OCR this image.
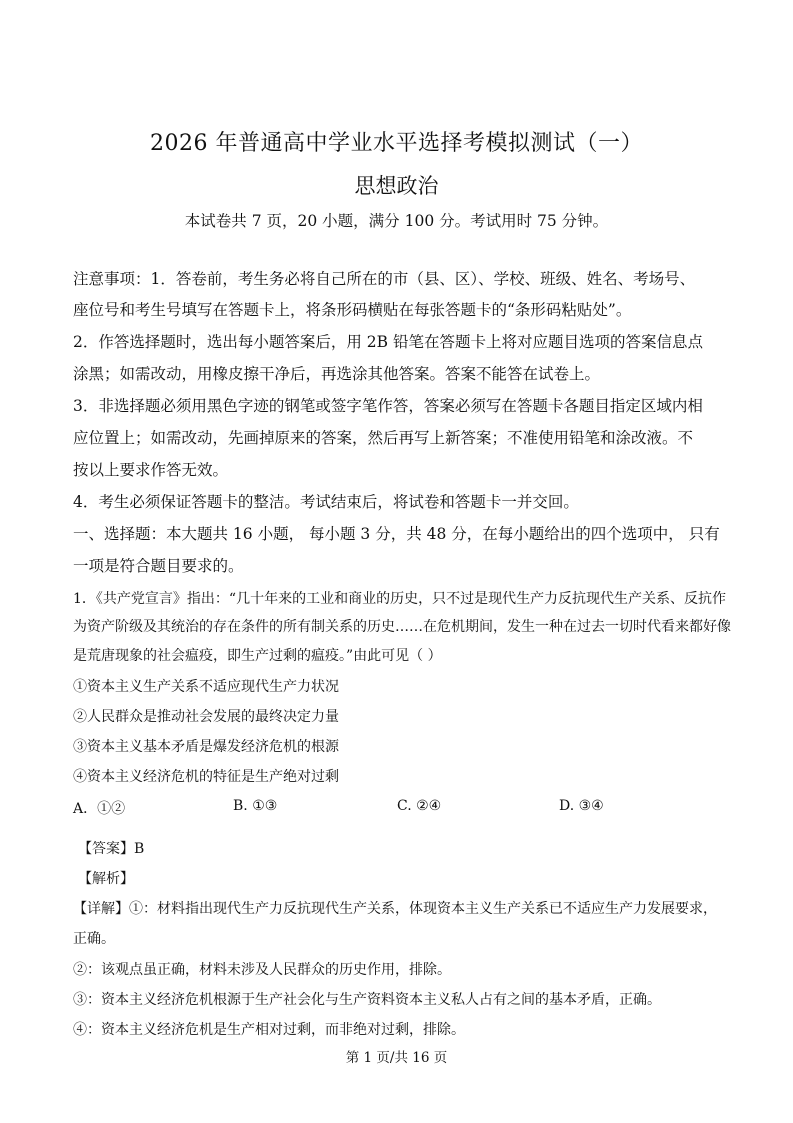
2026 年普通高中学业水平选择考模拟测试（一）
思想政治
本试卷共 7 页，20 小题，满分 100 分。考试用时 75 分钟。
注意事项：1．答卷前，考生务必将自己所在的市（县、区）、学校、班级、姓名、考场号、
座位号和考生号填写在答题卡上，将条形码横贴在每张答题卡的“条形码粘贴处”。
2．作答选择题时，选出每小题答案后，用 2B 铅笔在答题卡上将对应题目选项的答案信息点
涂黑；如需改动，用橡皮擦干净后，再选涂其他答案。答案不能答在试卷上。
3．非选择题必须用黑色字迹的钢笔或签字笔作答，答案必须写在答题卡各题目指定区域内相
应位置上；如需改动，先画掉原来的答案，然后再写上新答案；不准使用铅笔和涂改液。不
按以上要求作答无效。
4．考生必须保证答题卡的整洁。考试结束后，将试卷和答题卡一并交回。
一、选择题：本大题共 16 小题， 每小题 3 分，共 48 分，在每小题给出的四个选项中， 只有
一项是符合题目要求的。
1．《共产党宣言》指出：“几十年来的工业和商业的历史，只不过是现代生产力反抗现代生产关系、反抗作
为资产阶级及其统治的存在条件的所有制关系的历史……在危机期间，发生一种在过去一切时代看来都好像
是荒唐现象的社会瘟疫，即生产过剩的瘟疫。”由此可见（ ）
①资本主义生产关系不适应现代生产力状况
②人民群众是推动社会发展的最终决定力量
③资本主义基本矛盾是爆发经济危机的根源
④资本主义经济危机的特征是生产绝对过剩
A．①②	B. ①③	C. ②④	D. ③④
【答案】B
【解析】
【详解】①：材料指出现代生产力反抗现代生产关系，体现资本主义生产关系已不适应生产力发展要求，
正确。
②：该观点虽正确，材料未涉及人民群众的历史作用，排除。
③：资本主义经济危机根源于生产社会化与生产资料资本主义私人占有之间的基本矛盾，正确。
④：资本主义经济危机是生产相对过剩，而非绝对过剩，排除。
第 1 页/共 16 页
